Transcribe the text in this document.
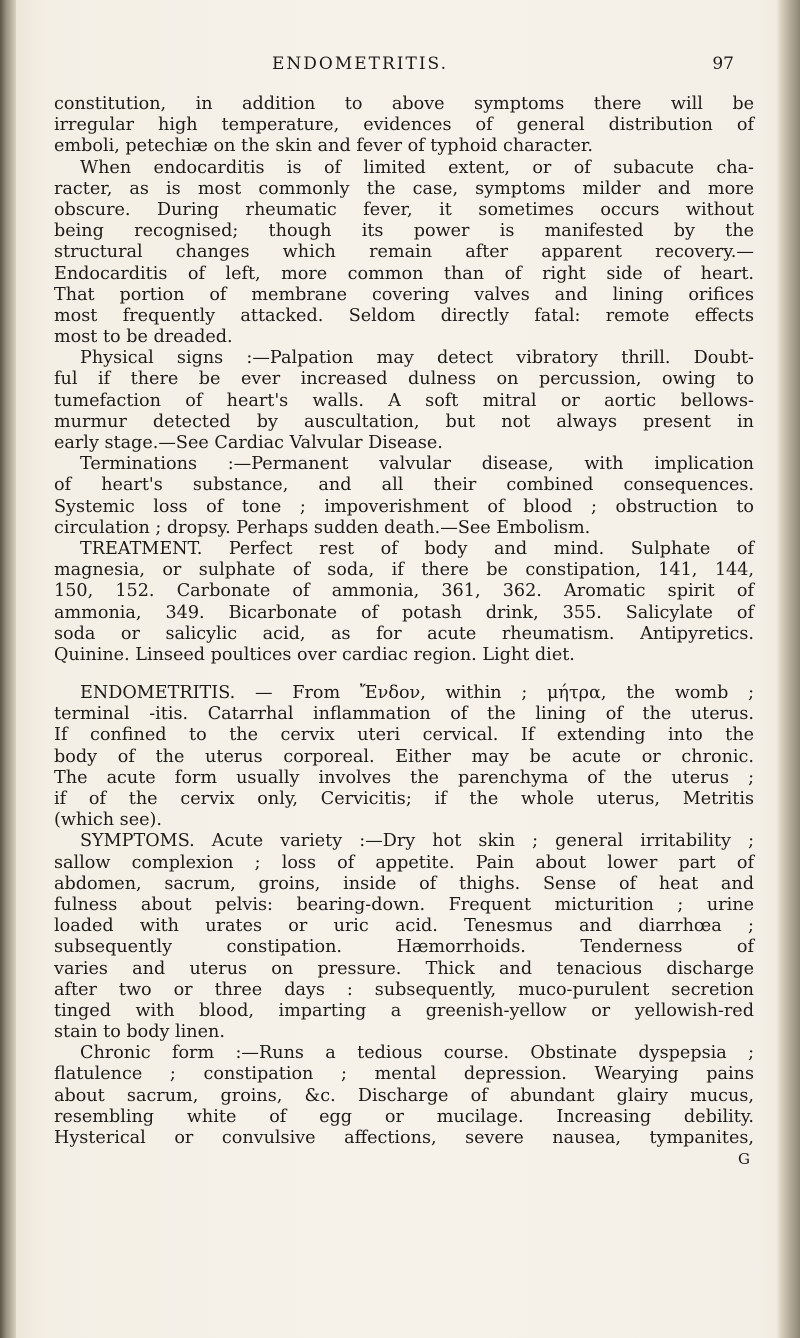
ENDOMETRITIS.	97
constitution, in addition to above symptoms there will be
irregular high temperature, evidences of general distribution of
emboli, petechiæ on the skin and fever of typhoid character.
When endocarditis is of limited extent, or of subacute cha-
racter, as is most commonly the case, symptoms milder and more
obscure. During rheumatic fever, it sometimes occurs without
being recognised; though its power is manifested by the
structural changes which remain after apparent recovery.—
Endocarditis of left, more common than of right side of heart.
That portion of membrane covering valves and lining orifices
most frequently attacked. Seldom directly fatal: remote effects
most to be dreaded.
Physical signs :—Palpation may detect vibratory thrill. Doubt-
ful if there be ever increased dulness on percussion, owing to
tumefaction of heart's walls. A soft mitral or aortic bellows-
murmur detected by auscultation, but not always present in
early stage.—See Cardiac Valvular Disease.
Terminations :—Permanent valvular disease, with implication
of heart's substance, and all their combined consequences.
Systemic loss of tone ; impoverishment of blood ; obstruction to
circulation ; dropsy. Perhaps sudden death.—See Embolism.
TREATMENT. Perfect rest of body and mind. Sulphate of
magnesia, or sulphate of soda, if there be constipation, 141, 144,
150, 152. Carbonate of ammonia, 361, 362. Aromatic spirit of
ammonia, 349. Bicarbonate of potash drink, 355. Salicylate of
soda or salicylic acid, as for acute rheumatism. Antipyretics.
Quinine. Linseed poultices over cardiac region. Light diet.
ENDOMETRITIS. — From Ἔνδον, within ; μήτρα, the womb ;
terminal -itis. Catarrhal inflammation of the lining of the uterus.
If confined to the cervix uteri cervical. If extending into the
body of the uterus corporeal. Either may be acute or chronic.
The acute form usually involves the parenchyma of the uterus ;
if of the cervix only, Cervicitis; if the whole uterus, Metritis
(which see).
SYMPTOMS. Acute variety :—Dry hot skin ; general irritability ;
sallow complexion ; loss of appetite. Pain about lower part of
abdomen, sacrum, groins, inside of thighs. Sense of heat and
fulness about pelvis: bearing-down. Frequent micturition ; urine
loaded with urates or uric acid. Tenesmus and diarrhœa ;
subsequently constipation. Hæmorrhoids. Tenderness of
varies and uterus on pressure. Thick and tenacious discharge
after two or three days : subsequently, muco-purulent secretion
tinged with blood, imparting a greenish-yellow or yellowish-red
stain to body linen.
Chronic form :—Runs a tedious course. Obstinate dyspepsia ;
flatulence ; constipation ; mental depression. Wearying pains
about sacrum, groins, &c. Discharge of abundant glairy mucus,
resembling white of egg or mucilage. Increasing debility.
Hysterical or convulsive affections, severe nausea, tympanites,
G
